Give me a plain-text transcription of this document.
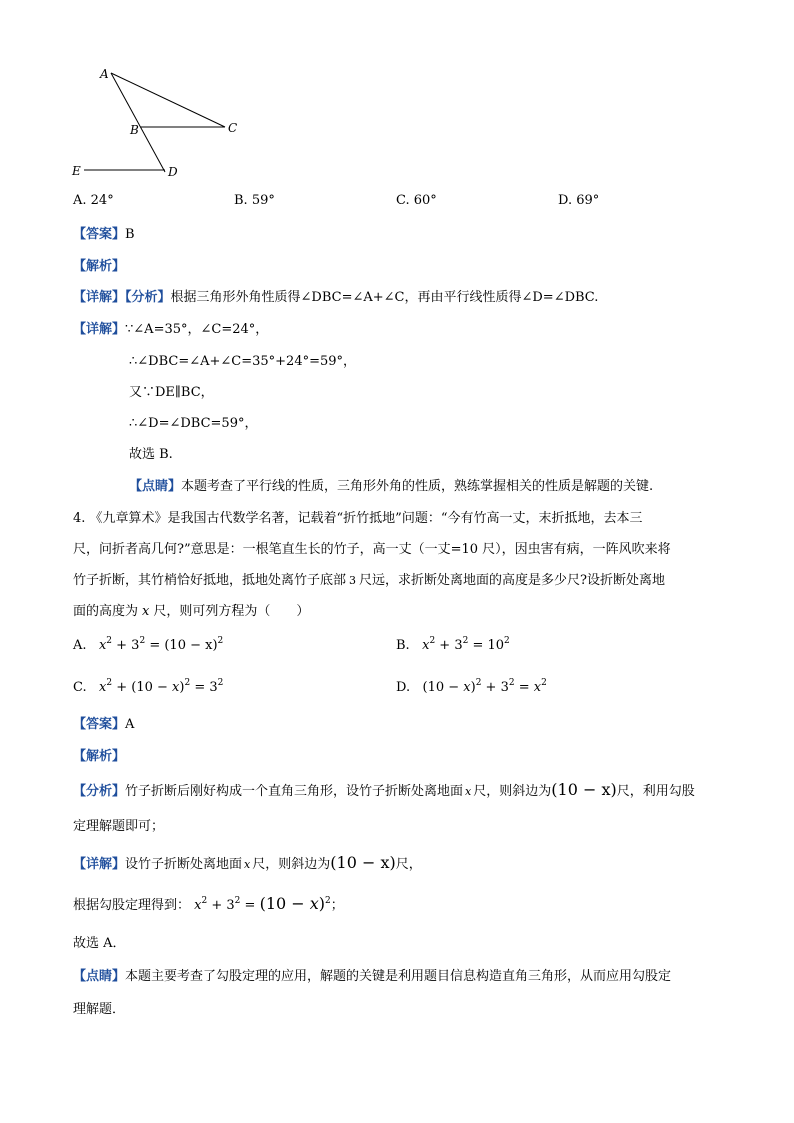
A
B	C
D
E
A. 24°	B. 59°	C. 60°	D. 69°
【答案】B
【解析】
【详解】【分析】根据三角形外角性质得∠DBC=∠A+∠C，再由平行线性质得∠D=∠DBC.
【详解】∵∠A=35°，∠C=24°，
∴∠DBC=∠A+∠C=35°+24°=59°，
又∵DE∥BC，
∴∠D=∠DBC=59°，
故选 B.
【点睛】本题考查了平行线的性质，三角形外角的性质，熟练掌握相关的性质是解题的关键.
4. 《九章算术》是我国古代数学名著，记载着“折竹抵地”问题：“今有竹高一丈，末折抵地，去本三
尺，问折者高几何?”意思是：一根笔直生长的竹子，高一丈（一丈=10 尺），因虫害有病，一阵风吹来将
竹子折断，其竹梢恰好抵地，抵地处离竹子底部 3 尺远，求折断处离地面的高度是多少尺?设折断处离地
面的高度为 x 尺，则可列方程为（　　）
A. $x^2 + 3^2 = (10 - x)^2$	B. $x^2 + 3^2 = 10^2$
C. $x^2 + (10 - x)^2 = 3^2$	D.   $(10 - x)^2 + 3^2 = x^2$
【答案】A
【解析】
【分析】竹子折断后刚好构成一个直角三角形，设竹子折断处离地面 x 尺，则斜边为(10 − x)尺，利用勾股
定理解题即可；
【详解】设竹子折断处离地面 x 尺，则斜边为(10 − x)尺，
根据勾股定理得到： $x^2 + 3^2 = (10 - x)^2$；
故选 A．
【点睛】本题主要考查了勾股定理的应用，解题的关键是利用题目信息构造直角三角形，从而应用勾股定
理解题．
